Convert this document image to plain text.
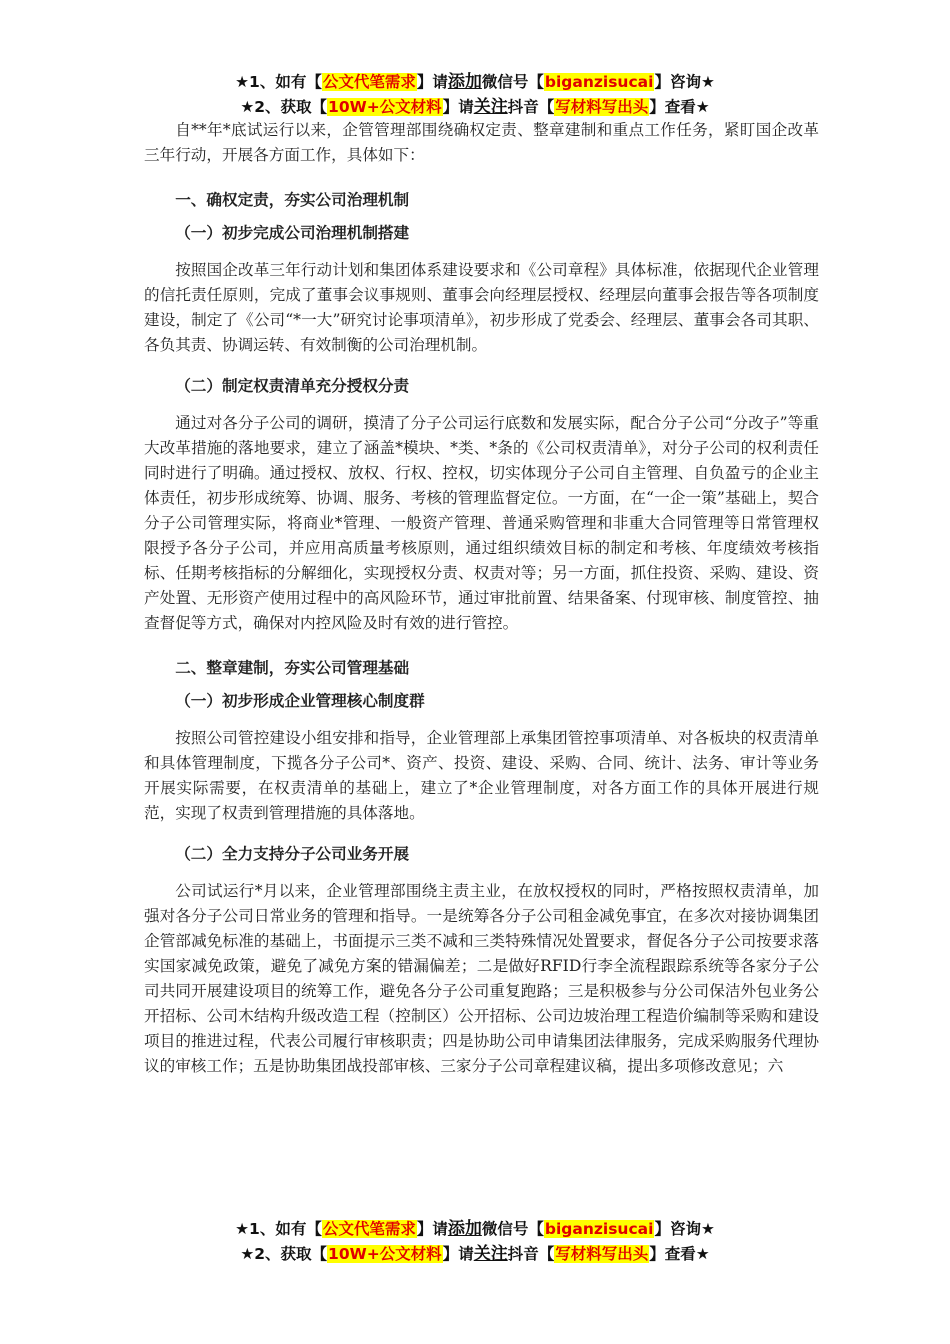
★1、如有【公文代笔需求】请添加微信号【biganzisucai】咨询★
★2、获取【10W+公文材料】请关注抖音【写材料写出头】查看★

自**年*底试运行以来，企管管理部围绕确权定责、整章建制和重点工作任务，紧盯国企改革三年行动，开展各方面工作，具体如下：

一、确权定责，夯实公司治理机制

（一）初步完成公司治理机制搭建

按照国企改革三年行动计划和集团体系建设要求和《公司章程》具体标准，依据现代企业管理的信托责任原则，完成了董事会议事规则、董事会向经理层授权、经理层向董事会报告等各项制度建设，制定了《公司“*一大”研究讨论事项清单》，初步形成了党委会、经理层、董事会各司其职、各负其责、协调运转、有效制衡的公司治理机制。

（二）制定权责清单充分授权分责

通过对各分子公司的调研，摸清了分子公司运行底数和发展实际，配合分子公司“分改子”等重大改革措施的落地要求，建立了涵盖*模块、*类、*条的《公司权责清单》，对分子公司的权利责任同时进行了明确。通过授权、放权、行权、控权，切实体现分子公司自主管理、自负盈亏的企业主体责任，初步形成统筹、协调、服务、考核的管理监督定位。一方面，在“一企一策”基础上，契合分子公司管理实际，将商业*管理、一般资产管理、普通采购管理和非重大合同管理等日常管理权限授予各分子公司，并应用高质量考核原则，通过组织绩效目标的制定和考核、年度绩效考核指标、任期考核指标的分解细化，实现授权分责、权责对等；另一方面，抓住投资、采购、建设、资产处置、无形资产使用过程中的高风险环节，通过审批前置、结果备案、付现审核、制度管控、抽查督促等方式，确保对内控风险及时有效的进行管控。

二、整章建制，夯实公司管理基础

（一）初步形成企业管理核心制度群

按照公司管控建设小组安排和指导，企业管理部上承集团管控事项清单、对各板块的权责清单和具体管理制度，下揽各分子公司*、资产、投资、建设、采购、合同、统计、法务、审计等业务开展实际需要，在权责清单的基础上，建立了*企业管理制度，对各方面工作的具体开展进行规范，实现了权责到管理措施的具体落地。

（二）全力支持分子公司业务开展

公司试运行*月以来，企业管理部围绕主责主业，在放权授权的同时，严格按照权责清单，加强对各分子公司日常业务的管理和指导。一是统筹各分子公司租金减免事宜，在多次对接协调集团企管部减免标准的基础上，书面提示三类不减和三类特殊情况处置要求，督促各分子公司按要求落实国家减免政策，避免了减免方案的错漏偏差；二是做好RFID行李全流程跟踪系统等各家分子公司共同开展建设项目的统筹工作，避免各分子公司重复跑路；三是积极参与分公司保洁外包业务公开招标、公司木结构升级改造工程（控制区）公开招标、公司边坡治理工程造价编制等采购和建设项目的推进过程，代表公司履行审核职责；四是协助公司申请集团法律服务，完成采购服务代理协议的审核工作；五是协助集团战投部审核、三家分子公司章程建议稿，提出多项修改意见；六

★1、如有【公文代笔需求】请添加微信号【biganzisucai】咨询★
★2、获取【10W+公文材料】请关注抖音【写材料写出头】查看★
